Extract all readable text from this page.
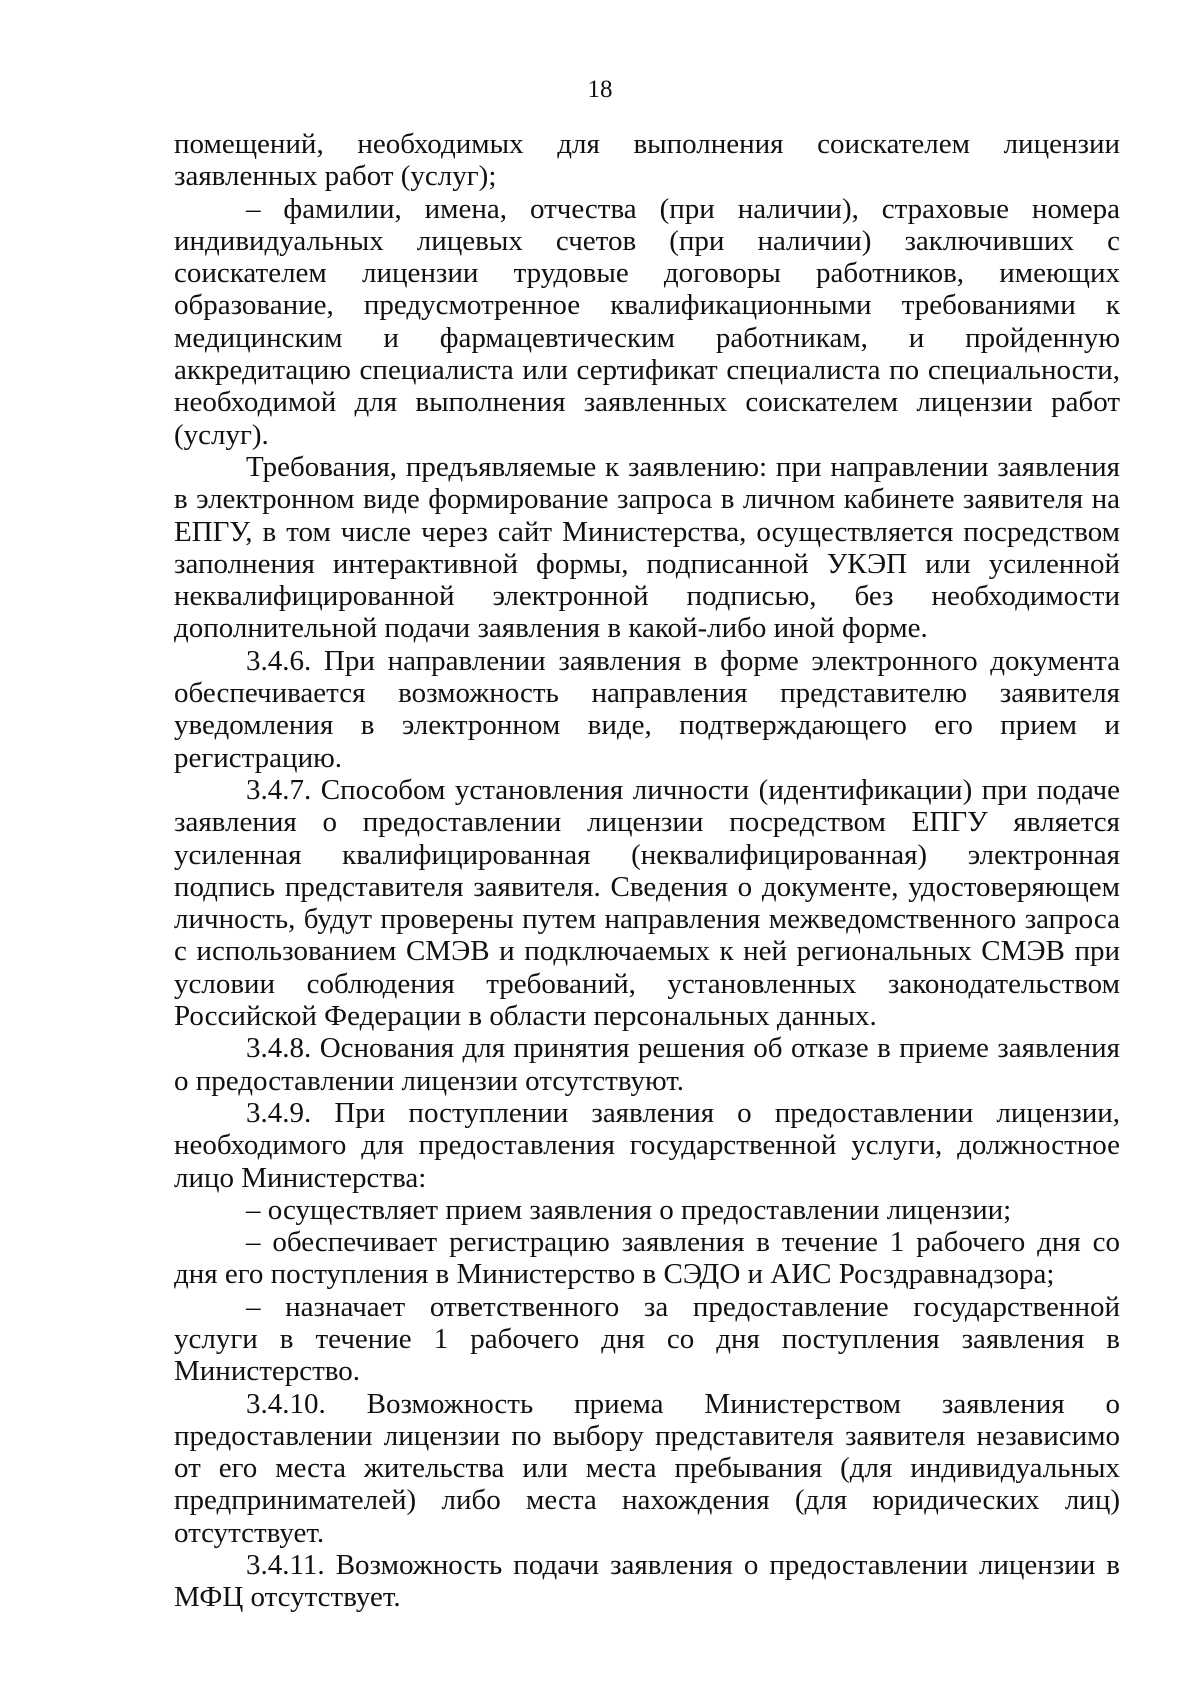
18

помещений, необходимых для выполнения соискателем лицензии заявленных работ (услуг);

– фамилии, имена, отчества (при наличии), страховые номера индивидуальных лицевых счетов (при наличии) заключивших с соискателем лицензии трудовые договоры работников, имеющих образование, предусмотренное квалификационными требованиями к медицинским и фармацевтическим работникам, и пройденную аккредитацию специалиста или сертификат специалиста по специальности, необходимой для выполнения заявленных соискателем лицензии работ (услуг).

Требования, предъявляемые к заявлению: при направлении заявления в электронном виде формирование запроса в личном кабинете заявителя на ЕПГУ, в том числе через сайт Министерства, осуществляется посредством заполнения интерактивной формы, подписанной УКЭП или усиленной неквалифицированной электронной подписью, без необходимости дополнительной подачи заявления в какой-либо иной форме.

3.4.6. При направлении заявления в форме электронного документа обеспечивается возможность направления представителю заявителя уведомления в электронном виде, подтверждающего его прием и регистрацию.

3.4.7. Способом установления личности (идентификации) при подаче заявления о предоставлении лицензии посредством ЕПГУ является усиленная квалифицированная (неквалифицированная) электронная подпись представителя заявителя. Сведения о документе, удостоверяющем личность, будут проверены путем направления межведомственного запроса с использованием СМЭВ и подключаемых к ней региональных СМЭВ при условии соблюдения требований, установленных законодательством Российской Федерации в области персональных данных.

3.4.8. Основания для принятия решения об отказе в приеме заявления о предоставлении лицензии отсутствуют.

3.4.9. При поступлении заявления о предоставлении лицензии, необходимого для предоставления государственной услуги, должностное лицо Министерства:

– осуществляет прием заявления о предоставлении лицензии;

– обеспечивает регистрацию заявления в течение 1 рабочего дня со дня его поступления в Министерство в СЭДО и АИС Росздравнадзора;

– назначает ответственного за предоставление государственной услуги в течение 1 рабочего дня со дня поступления заявления в Министерство.

3.4.10. Возможность приема Министерством заявления о предоставлении лицензии по выбору представителя заявителя независимо от его места жительства или места пребывания (для индивидуальных предпринимателей) либо места нахождения (для юридических лиц) отсутствует.

3.4.11. Возможность подачи заявления о предоставлении лицензии в МФЦ отсутствует.
